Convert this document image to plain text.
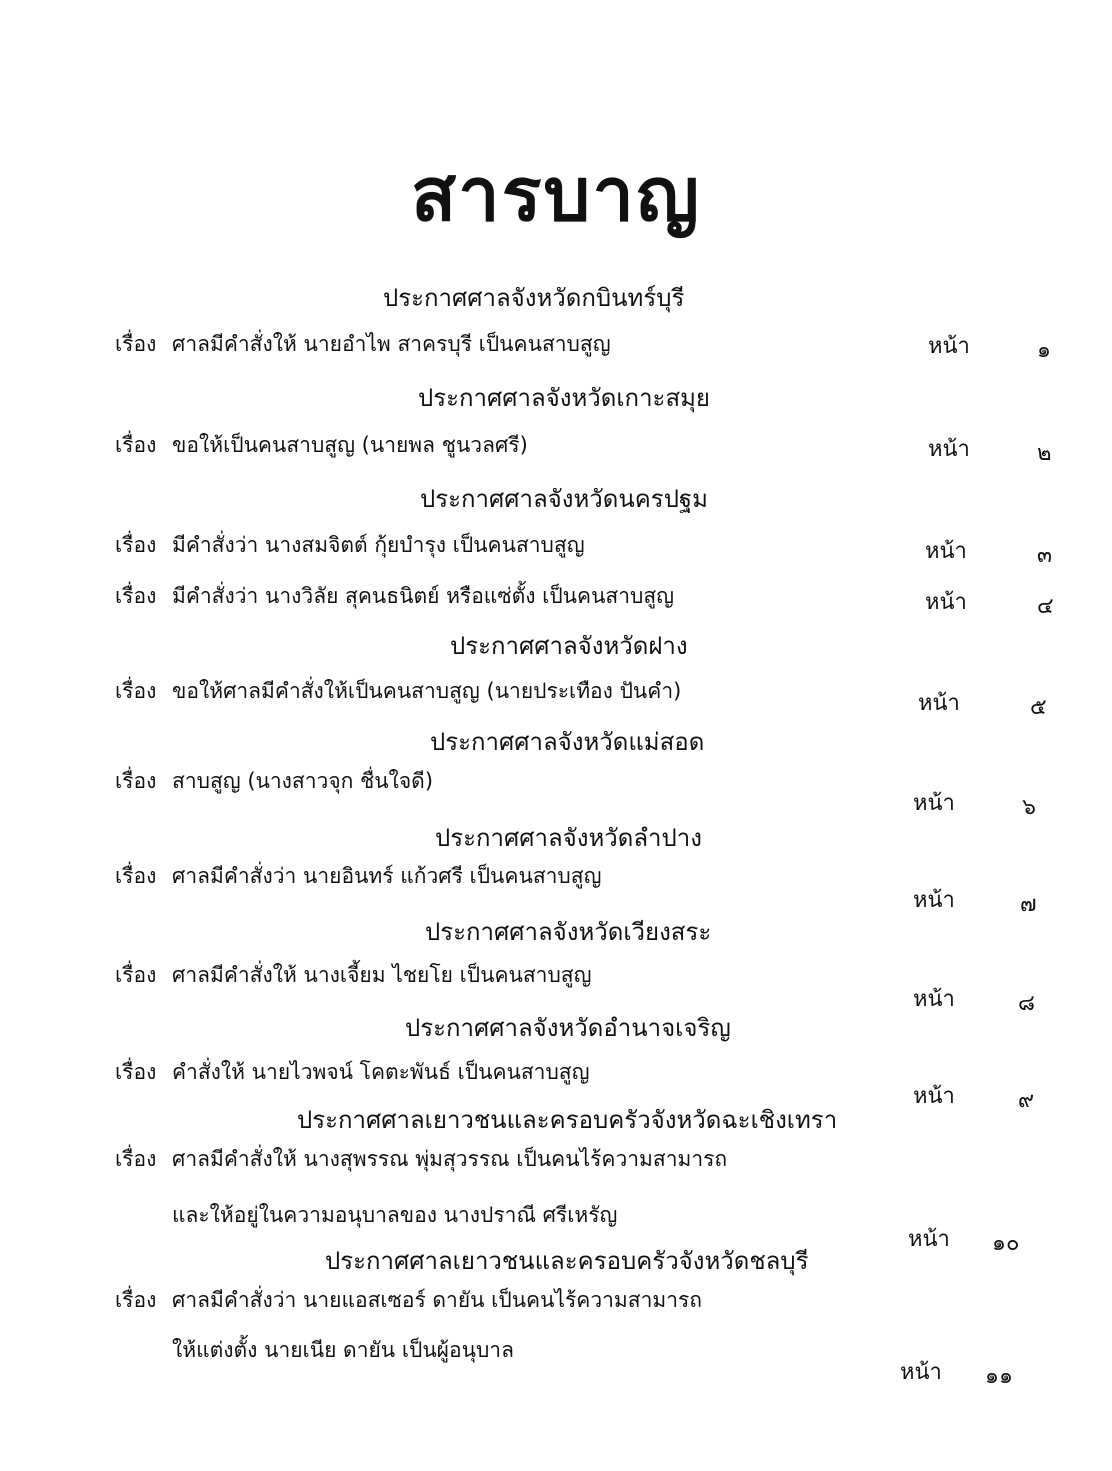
สารบาญ
ประกาศศาลจังหวัดกบินทร์บุรี
เรื่อง ศาลมีคำสั่งให้ นายอำไพ สาครบุรี เป็นคนสาบสูญ	หน้า	๑
ประกาศศาลจังหวัดเกาะสมุย
เรื่อง ขอให้เป็นคนสาบสูญ (นายพล ชูนวลศรี)	หน้า	๒
ประกาศศาลจังหวัดนครปฐม
เรื่อง มีคำสั่งว่า นางสมจิตต์ กุ้ยบำรุง เป็นคนสาบสูญ	หน้า	๓
เรื่อง มีคำสั่งว่า นางวิลัย สุคนธนิตย์ หรือแซ่ตั้ง เป็นคนสาบสูญ	หน้า	๔
ประกาศศาลจังหวัดฝาง
เรื่อง ขอให้ศาลมีคำสั่งให้เป็นคนสาบสูญ (นายประเทือง ปันคำ)	หน้า	๕
ประกาศศาลจังหวัดแม่สอด
เรื่อง สาบสูญ (นางสาวจุก ชื่นใจดี)
หน้า	๖
ประกาศศาลจังหวัดลำปาง
เรื่อง ศาลมีคำสั่งว่า นายอินทร์ แก้วศรี เป็นคนสาบสูญ
หน้า	๗
ประกาศศาลจังหวัดเวียงสระ
เรื่อง ศาลมีคำสั่งให้ นางเจี้ยม ไชยโย เป็นคนสาบสูญ
หน้า	๘
ประกาศศาลจังหวัดอำนาจเจริญ
เรื่อง คำสั่งให้ นายไวพจน์ โคตะพันธ์ เป็นคนสาบสูญ
หน้า	๙
ประกาศศาลเยาวชนและครอบครัวจังหวัดฉะเชิงเทรา
เรื่อง ศาลมีคำสั่งให้ นางสุพรรณ พุ่มสุวรรณ เป็นคนไร้ความสามารถ
และให้อยู่ในความอนุบาลของ นางปราณี ศรีเหรัญ
หน้า ๑๐
ประกาศศาลเยาวชนและครอบครัวจังหวัดชลบุรี
เรื่อง ศาลมีคำสั่งว่า นายแอสเซอร์ ดายัน เป็นคนไร้ความสามารถ
ให้แต่งตั้ง นายเนีย ดายัน เป็นผู้อนุบาล
หน้า ๑๑
